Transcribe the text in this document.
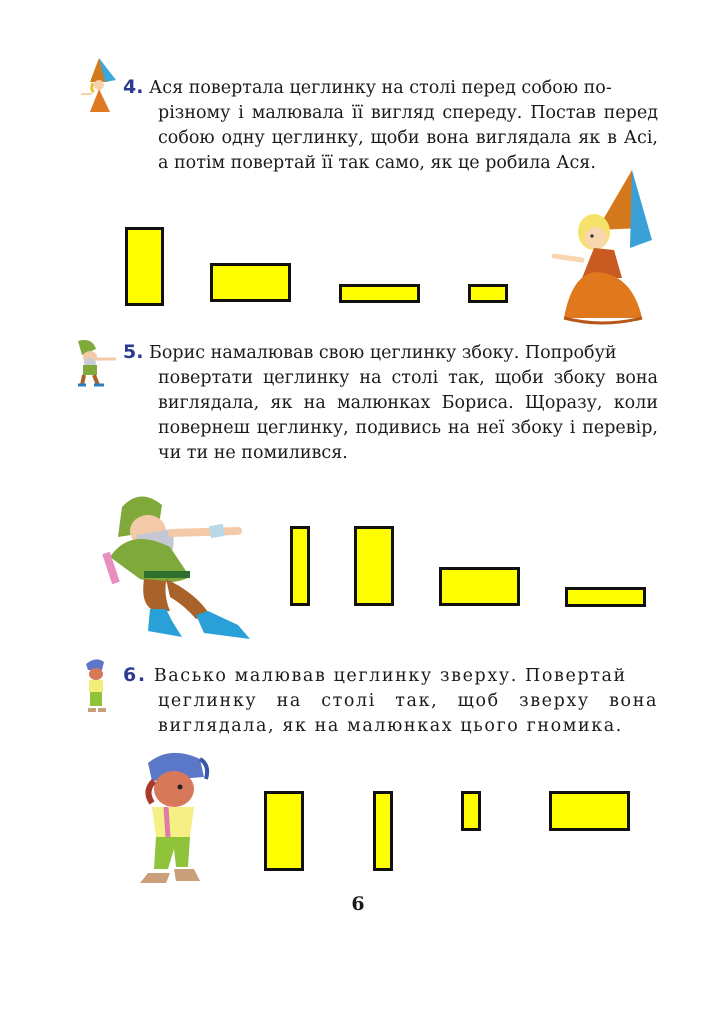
4. Ася повертала цеглинку на столі перед собою по-
різному і малювала її вигляд спереду. Постав перед собою одну цеглинку, щоби вона виглядала як в Асі, а потім повертай її так само, як це робила Ася.

5. Борис намалював свою цеглинку збоку. Попробуй
повертати цеглинку на столі так, щоби збоку вона виглядала, як на малюнках Бориса. Щоразу, коли повернеш цеглинку, подивись на неї збоку і перевір, чи ти не помилився.

6. Васько малював цеглинку зверху. Повертай
цеглинку на столі так, щоб зверху вона виглядала, як на малюнках цього гномика.

6
